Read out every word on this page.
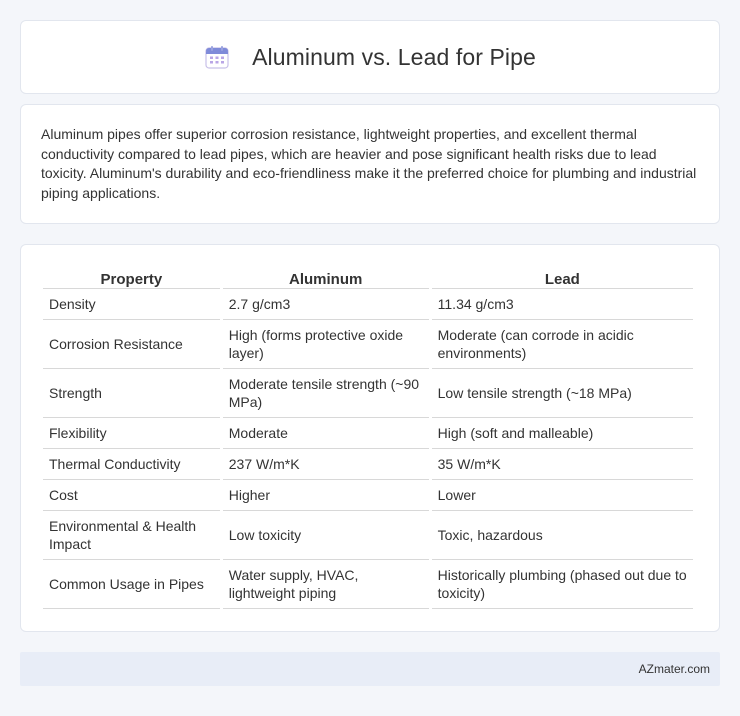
Aluminum vs. Lead for Pipe

Aluminum pipes offer superior corrosion resistance, lightweight properties, and excellent thermal conductivity compared to lead pipes, which are heavier and pose significant health risks due to lead toxicity. Aluminum's durability and eco-friendliness make it the preferred choice for plumbing and industrial piping applications.

Property	Aluminum	Lead
Density	2.7 g/cm3	11.34 g/cm3
Corrosion Resistance	High (forms protective oxide layer)	Moderate (can corrode in acidic environments)
Strength	Moderate tensile strength (~90 MPa)	Low tensile strength (~18 MPa)
Flexibility	Moderate	High (soft and malleable)
Thermal Conductivity	237 W/m*K	35 W/m*K
Cost	Higher	Lower
Environmental & Health Impact	Low toxicity	Toxic, hazardous
Common Usage in Pipes	Water supply, HVAC, lightweight piping	Historically plumbing (phased out due to toxicity)
AZmater.com
